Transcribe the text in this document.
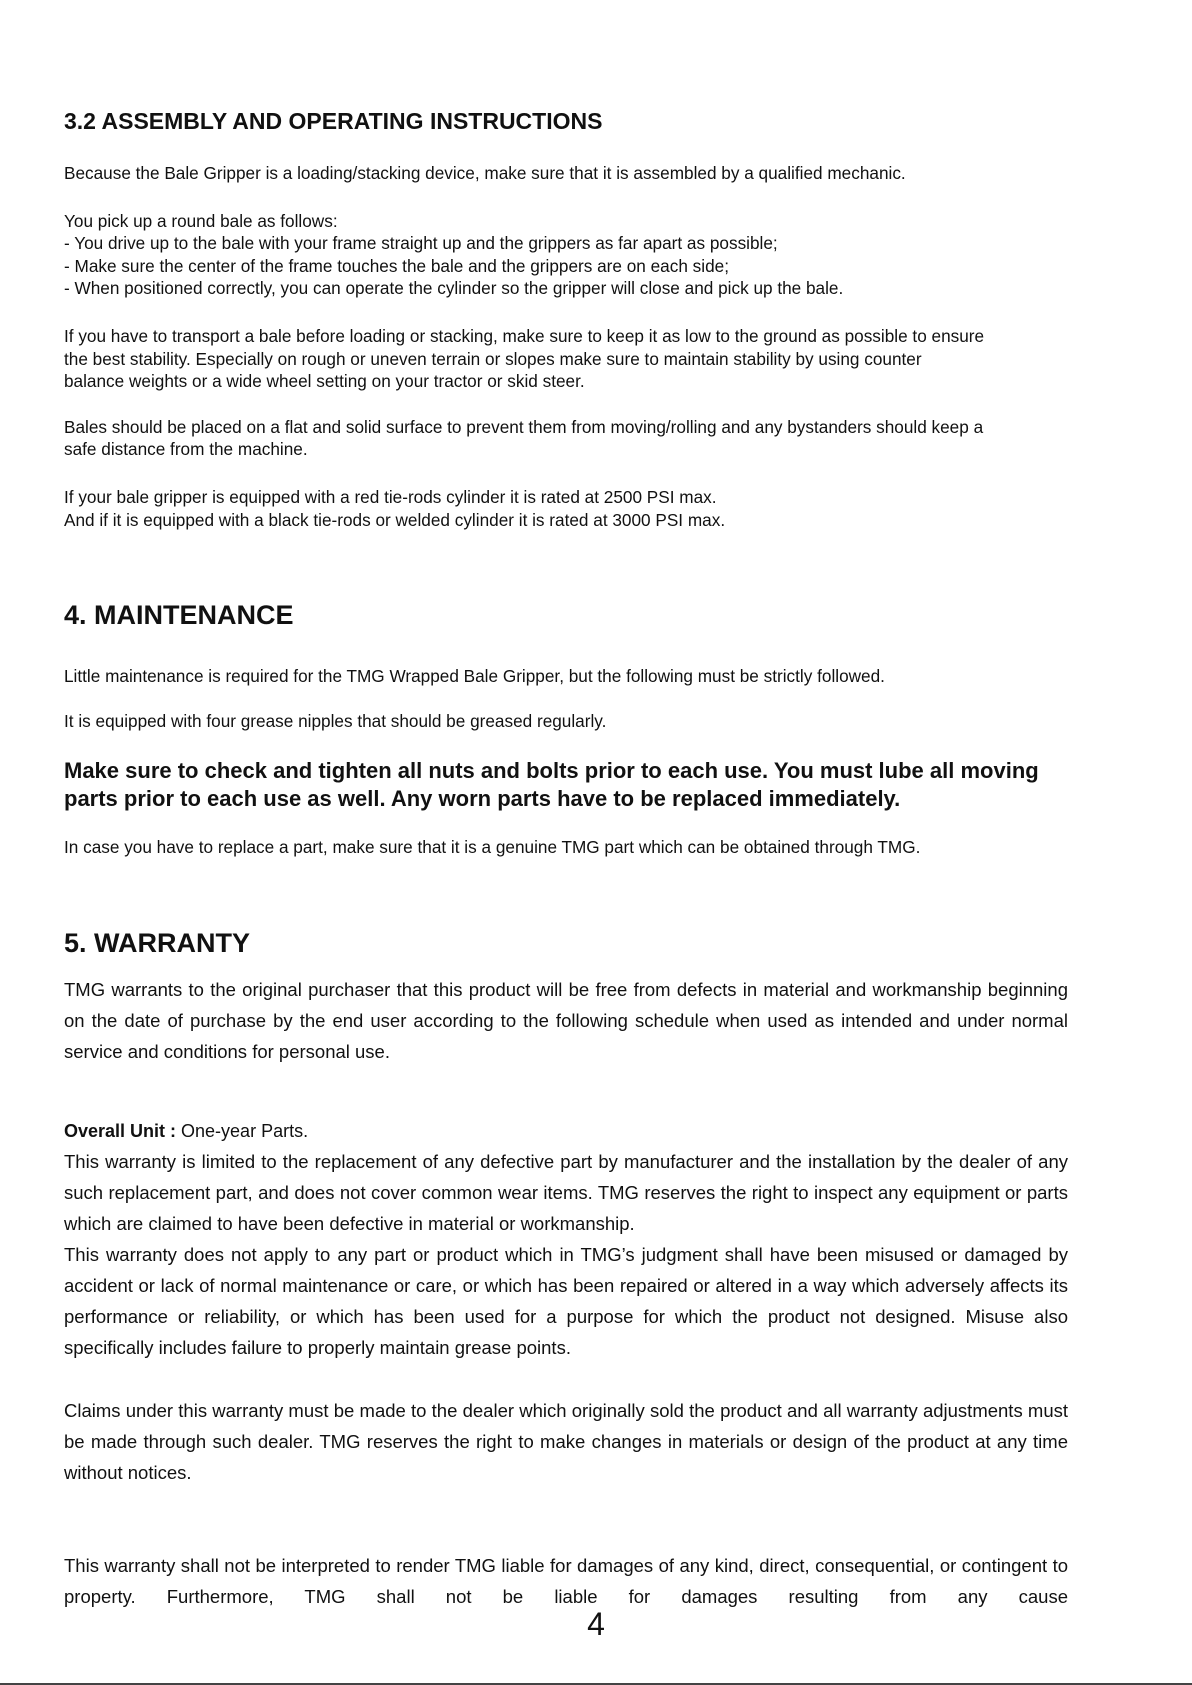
3.2 ASSEMBLY AND OPERATING INSTRUCTIONS
Because the Bale Gripper is a loading/stacking device, make sure that it is assembled by a qualified mechanic.
You pick up a round bale as follows:
- You drive up to the bale with your frame straight up and the grippers as far apart as possible;
- Make sure the center of the frame touches the bale and the grippers are on each side;
- When positioned correctly, you can operate the cylinder so the gripper will close and pick up the bale.
If you have to transport a bale before loading or stacking, make sure to keep it as low to the ground as possible to ensure
the best stability. Especially on rough or uneven terrain or slopes make sure to maintain stability by using counter
balance weights or a wide wheel setting on your tractor or skid steer.
Bales should be placed on a flat and solid surface to prevent them from moving/rolling and any bystanders should keep a
safe distance from the machine.
If your bale gripper is equipped with a red tie-rods cylinder it is rated at 2500 PSI max.
And if it is equipped with a black tie-rods or welded cylinder it is rated at 3000 PSI max.
4. MAINTENANCE
Little maintenance is required for the TMG Wrapped Bale Gripper, but the following must be strictly followed.
It is equipped with four grease nipples that should be greased regularly.
Make sure to check and tighten all nuts and bolts prior to each use. You must lube all moving
parts prior to each use as well. Any worn parts have to be replaced immediately.
In case you have to replace a part, make sure that it is a genuine TMG part which can be obtained through TMG.
5. WARRANTY
TMG warrants to the original purchaser that this product will be free from defects in material and workmanship beginning on the date of purchase by the end user according to the following schedule when used as intended and under normal service and conditions for personal use.
Overall Unit : One-year Parts.
This warranty is limited to the replacement of any defective part by manufacturer and the installation by the dealer of any such replacement part, and does not cover common wear items. TMG reserves the right to inspect any equipment or parts which are claimed to have been defective in material or workmanship.
This warranty does not apply to any part or product which in TMG’s judgment shall have been misused or damaged by accident or lack of normal maintenance or care, or which has been repaired or altered in a way which adversely affects its performance or reliability, or which has been used for a purpose for which the product not designed. Misuse also specifically includes failure to properly maintain grease points.
Claims under this warranty must be made to the dealer which originally sold the product and all warranty adjustments must be made through such dealer. TMG reserves the right to make changes in materials or design of the product at any time without notices.
This warranty shall not be interpreted to render TMG liable for damages of any kind, direct, consequential, or contingent to property. Furthermore, TMG shall not be liable for damages resulting from any cause
4
